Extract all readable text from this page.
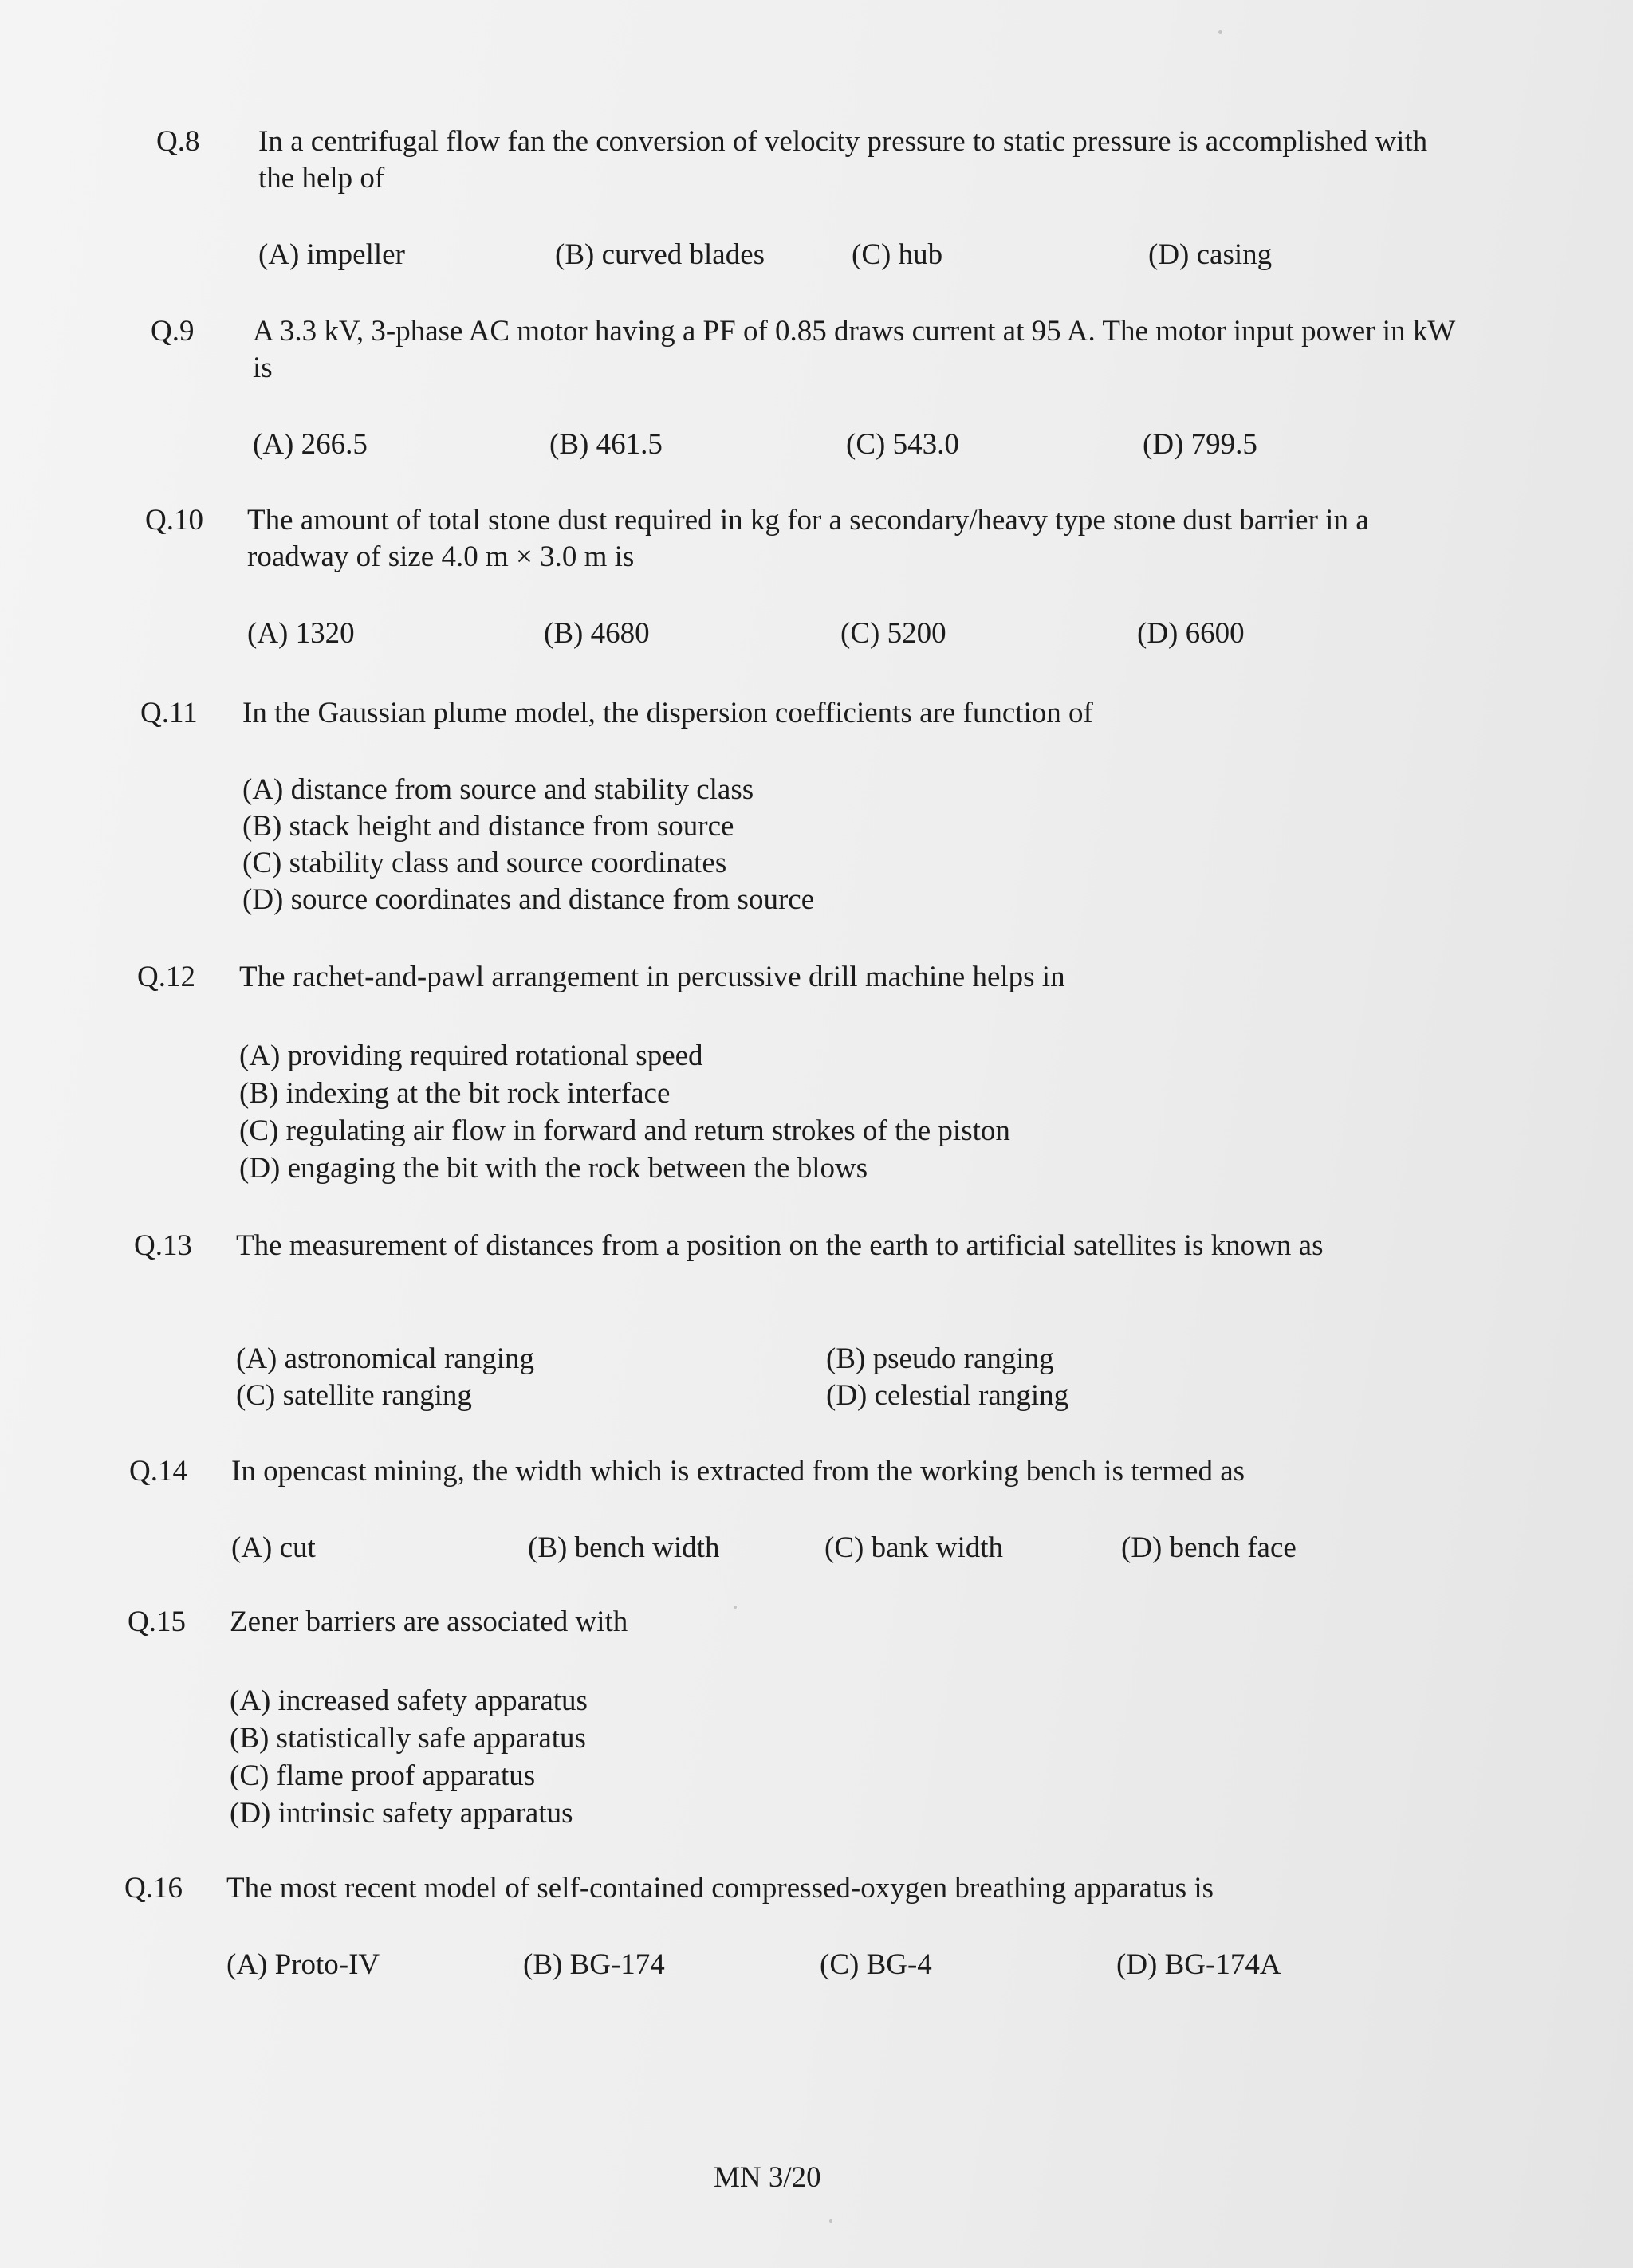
Q.8 In a centrifugal flow fan the conversion of velocity pressure to static pressure is accomplished with the help of
(A) impeller	(B) curved blades	(C) hub	(D) casing
Q.9 A 3.3 kV, 3-phase AC motor having a PF of 0.85 draws current at 95 A. The motor input power in kW is
(A) 266.5	(B) 461.5	(C) 543.0	(D) 799.5
Q.10 The amount of total stone dust required in kg for a secondary/heavy type stone dust barrier in a roadway of size 4.0 m × 3.0 m is
(A) 1320	(B) 4680	(C) 5200	(D) 6600
Q.11 In the Gaussian plume model, the dispersion coefficients are function of
(A) distance from source and stability class
(B) stack height and distance from source
(C) stability class and source coordinates
(D) source coordinates and distance from source
Q.12 The rachet-and-pawl arrangement in percussive drill machine helps in
(A) providing required rotational speed
(B) indexing at the bit rock interface
(C) regulating air flow in forward and return strokes of the piston
(D) engaging the bit with the rock between the blows
Q.13 The measurement of distances from a position on the earth to artificial satellites is known as
(A) astronomical ranging	(B) pseudo ranging
(C) satellite ranging	(D) celestial ranging
Q.14 In opencast mining, the width which is extracted from the working bench is termed as
(A) cut	(B) bench width	(C) bank width	(D) bench face
Q.15 Zener barriers are associated with
(A) increased safety apparatus
(B) statistically safe apparatus
(C) flame proof apparatus
(D) intrinsic safety apparatus
Q.16 The most recent model of self-contained compressed-oxygen breathing apparatus is
(A) Proto-IV	(B) BG-174	(C) BG-4	(D) BG-174A
MN 3/20
